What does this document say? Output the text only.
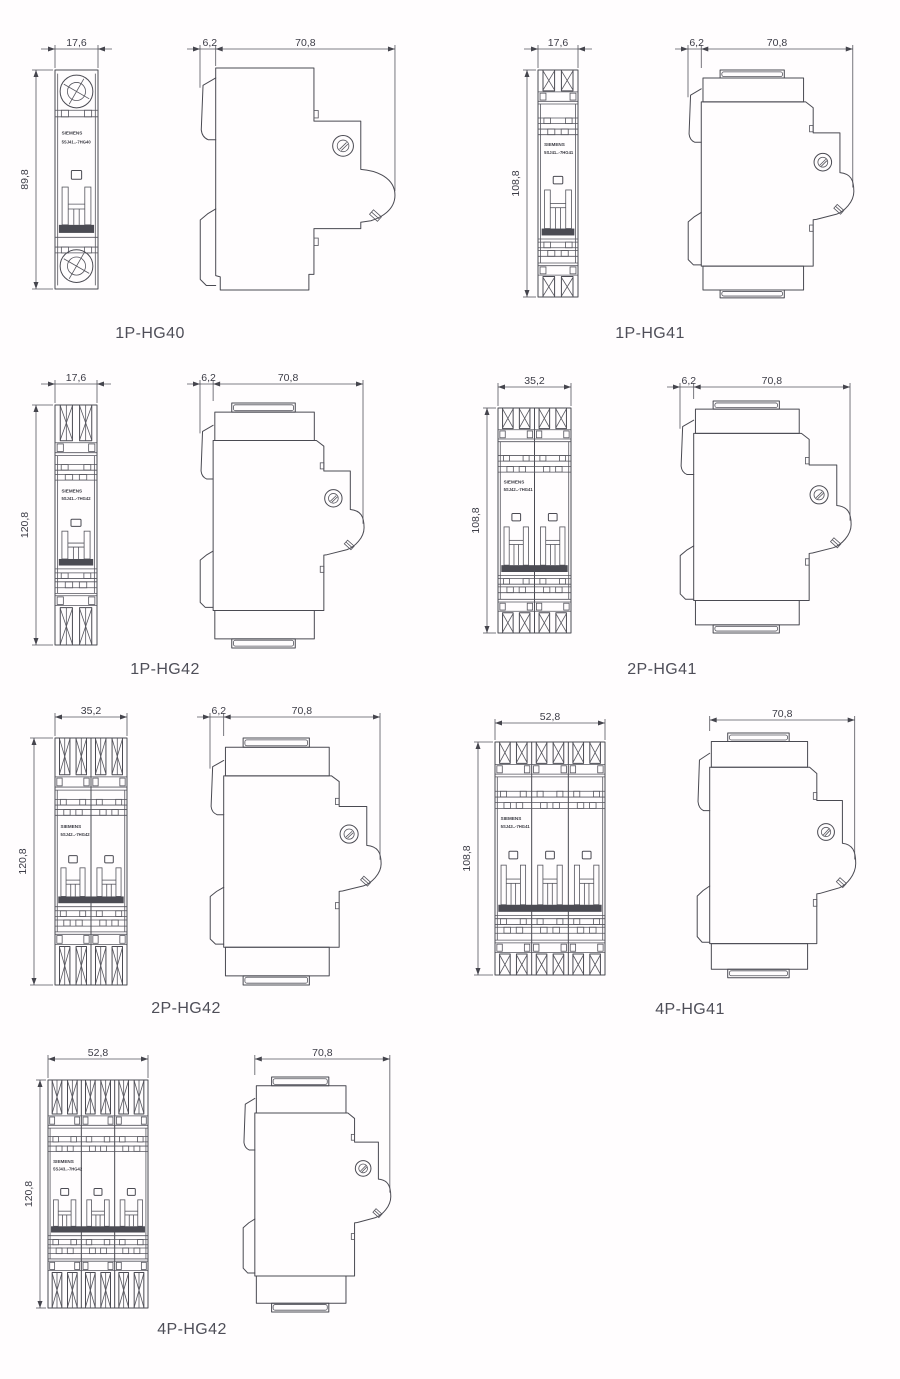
SIEMENS
5SJ41..-7HG40
17,6
89,8
6,2	70,8
1P-HG40
SIEMENS
5SJ41..-7HG41
17,6
108,8
6,2	70,8
1P-HG41
SIEMENS
5SJ41..-7HG42
17,6
120,8
6,2	70,8
1P-HG42
SIEMENS
5SJ42..-7HG41
35,2
108,8
6,2	70,8
2P-HG41
SIEMENS
5SJ42..-7HG42
35,2
120,8
6,2	70,8
2P-HG42
SIEMENS
5SJ43..-7HG41
52,8
108,8
70,8
4P-HG41
SIEMENS
5SJ43..-7HG42
52,8
120,8
70,8
4P-HG42
